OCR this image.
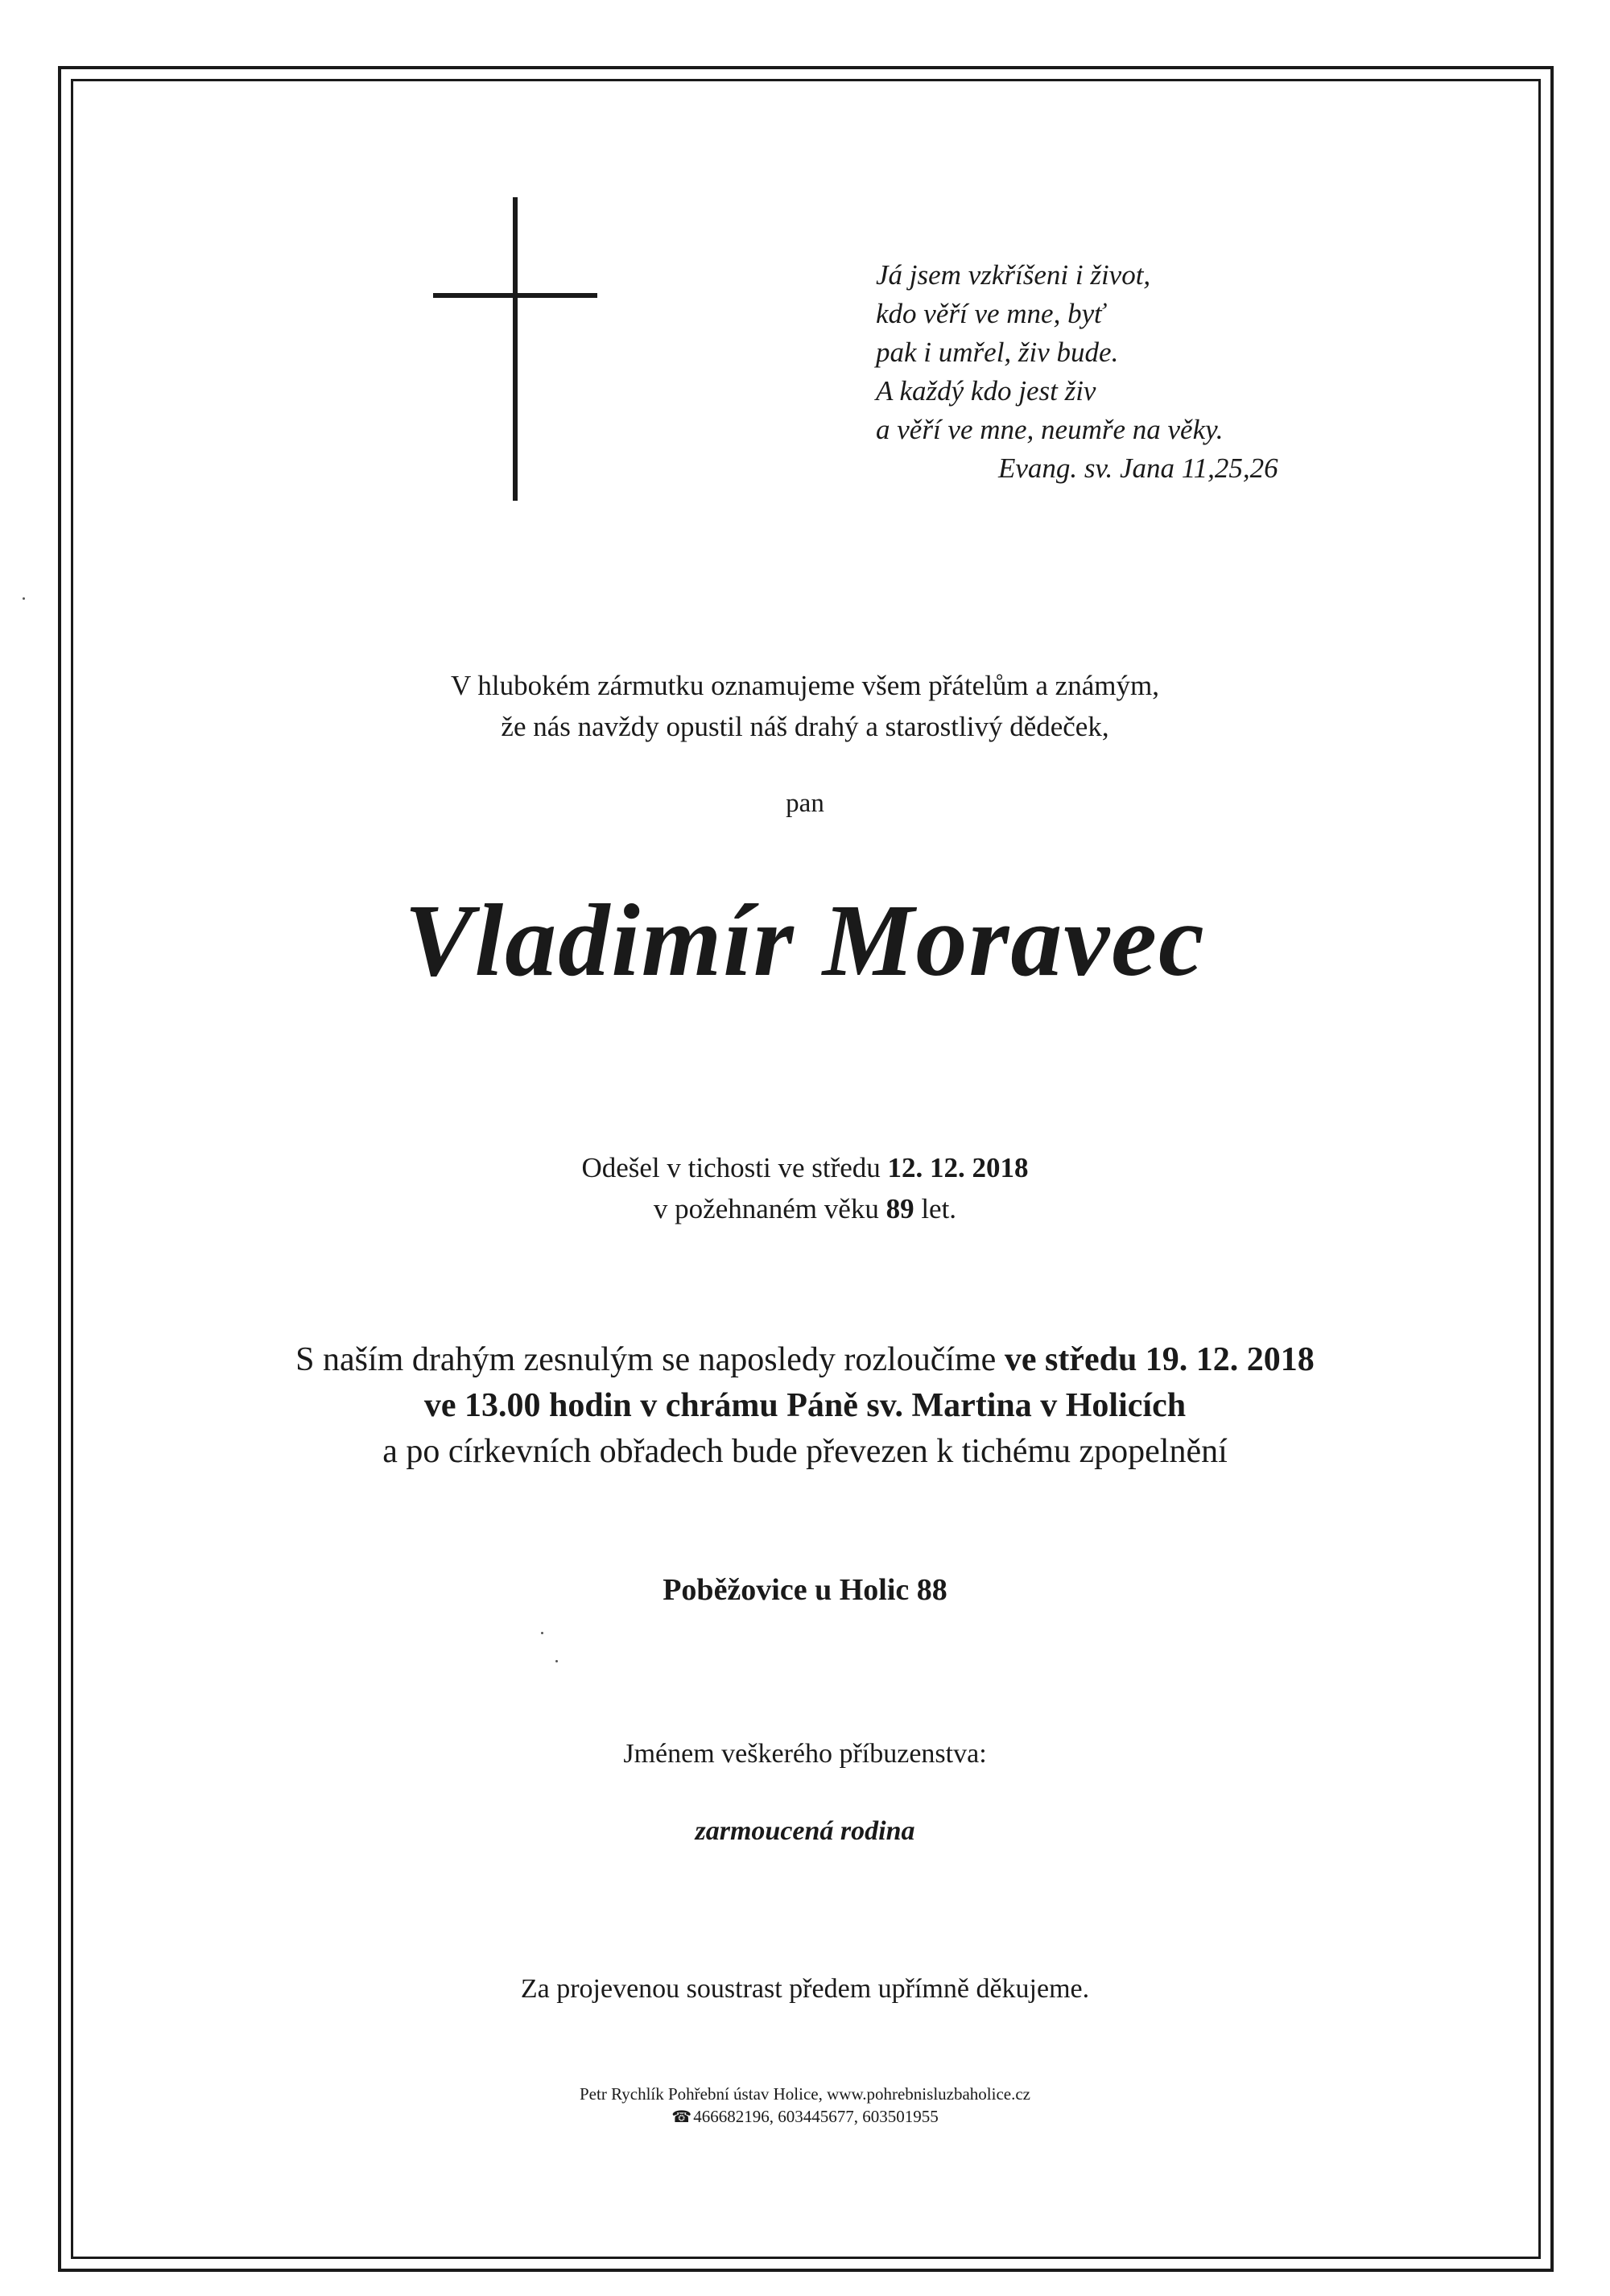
Já jsem vzkříšeni i život,
kdo věří ve mne, byť
pak i umřel, živ bude.
A každý kdo jest živ
a věří ve mne, neumře na věky.
Evang. sv. Jana 11,25,26
V hlubokém zármutku oznamujeme všem přátelům a známým,
že nás navždy opustil náš drahý a starostlivý dědeček,
pan
Vladimír Moravec
Odešel v tichosti ve středu 12. 12. 2018
v požehnaném věku 89 let.
S naším drahým zesnulým se naposledy rozloučíme ve středu 19. 12. 2018
ve 13.00 hodin v chrámu Páně sv. Martina v Holicích
a po církevních obřadech bude převezen k tichému zpopelnění
Poběžovice u Holic 88
Jménem veškerého příbuzenstva:
zarmoucená rodina
Za projevenou soustrast předem upřímně děkujeme.
Petr Rychlík Pohřební ústav Holice, www.pohrebnisluzbaholice.cz
☎466682196, 603445677, 603501955
